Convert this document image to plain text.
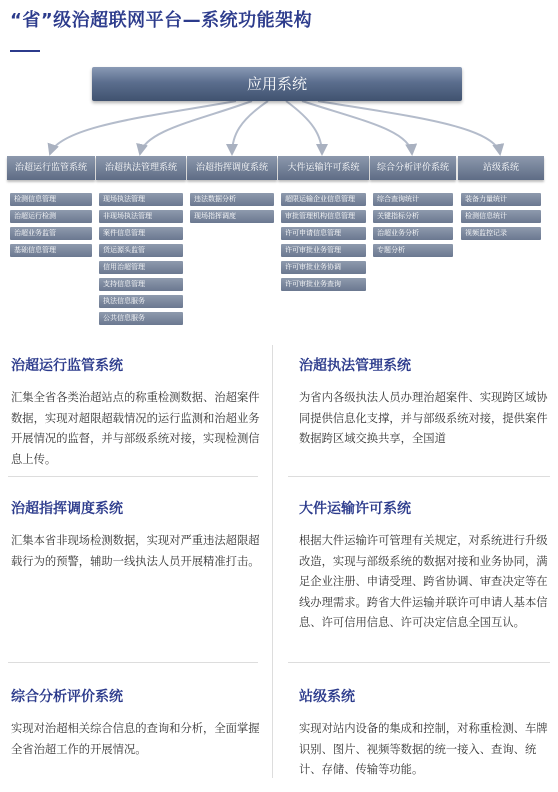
“省”级治超联网平台—系统功能架构
应用系统
治超运行监管系统
检测信息管理
治超运行检测
治超业务监管
基础信息管理
治超执法管理系统
现场执法管理
非现场执法管理
案件信息管理
货运源头监管
信用治超管理
支持信息管理
执法信息服务
公共信息服务
治超指挥调度系统
违法数据分析
现场指挥调度
大件运输许可系统
超限运输企业信息管理
审批管理机构信息管理
许可申请信息管理
许可审批业务管理
许可审批业务协调
许可审批业务查询
综合分析评价系统
综合查询统计
关键指标分析
治超业务分析
专题分析
站级系统
装备力量统计
检测信息统计
视频监控记录
治超运行监管系统
汇集全省各类治超站点的称重检测数据、治超案件数据，实现对超限超载情况的运行监测和治超业务开展情况的监督，并与部级系统对接，实现检测信息上传。
治超执法管理系统
为省内各级执法人员办理治超案件、实现跨区域协同提供信息化支撑，并与部级系统对接，提供案件数据跨区域交换共享，全国道
治超指挥调度系统
汇集本省非现场检测数据，实现对严重违法超限超载行为的预警，辅助一线执法人员开展精准打击。
大件运输许可系统
根据大件运输许可管理有关规定，对系统进行升级改造，实现与部级系统的数据对接和业务协同，满足企业注册、申请受理、跨省协调、审查决定等在线办理需求。跨省大件运输并联许可申请人基本信息、许可信用信息、许可决定信息全国互认。
综合分析评价系统
实现对治超相关综合信息的查询和分析，全面掌握全省治超工作的开展情况。
站级系统
实现对站内设备的集成和控制，对称重检测、车牌识别、图片、视频等数据的统一接入、查询、统计、存储、传输等功能。
